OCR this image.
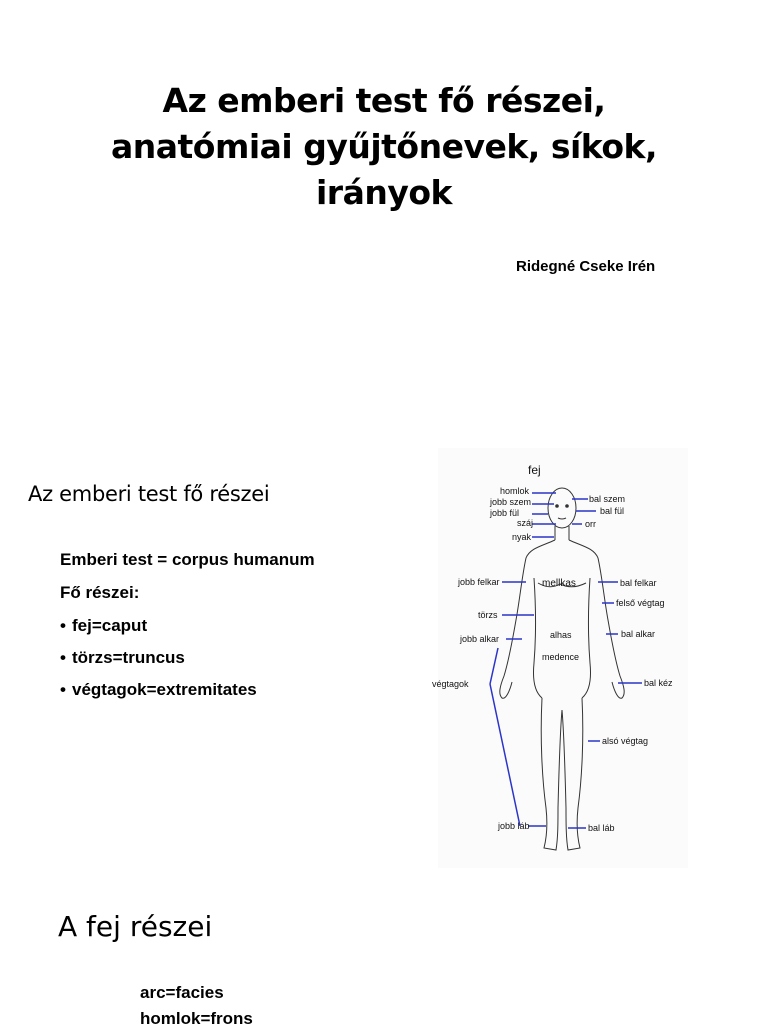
Az emberi test fő részei,
anatómiai gyűjtőnevek, síkok,
irányok
Ridegné Cseke Irén
Az emberi test fő részei
Emberi test = corpus humanum
Fő részei:
• fej=caput
• törzs=truncus
• végtagok=extremitates
fej
homlok
jobb szem
jobb fül
száj
nyak
bal szem
bal fül
orr
jobb felkar	mellkas	bal felkar
felső végtag
törzs
jobb alkar	alhas	bal alkar
medence
végtagok	bal kéz
alsó végtag
jobb láb	bal láb
A fej részei
arc=facies
homlok=frons
